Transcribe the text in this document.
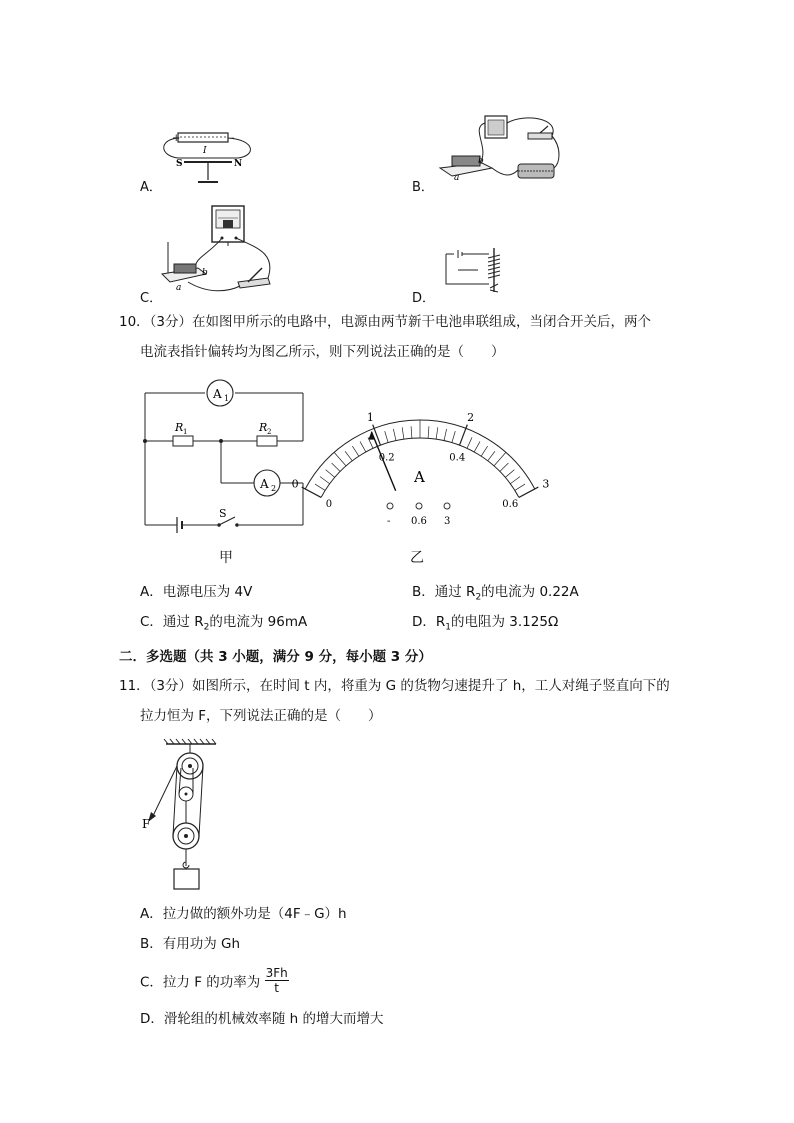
A．
+	-
I
S	N
B．
b
a
C．
b
a
D．
10．（3分）在如图甲所示的电路中，电源由两节新干电池串联组成，当闭合开关后，两个
电流表指针偏转均为图乙所示，则下列说法正确的是（　　）
A 1
R 1	R 2
A 2
S
甲
0
1	2
3
0
0.2	0.4
0.6
A
- 0.6 3
乙
A．电源电压为 4V	B．通过 $R_2$的电流为 0.22A
C．通过 $R_2$的电流为 96mA	D．$R_1$的电阻为 3.125Ω
二．多选题（共 3 小题，满分 9 分，每小题 3 分）
11．（3分）如图所示，在时间 t 内，将重为 G 的货物匀速提升了 h，工人对绳子竖直向下的
拉力恒为 F，下列说法正确的是（　　）
F
A．拉力做的额外功是（4F﹣G）h
B．有用功为 Gh
C．拉力 F 的功率为 $\frac{3Fh}{t}$
D．滑轮组的机械效率随 h 的增大而增大
